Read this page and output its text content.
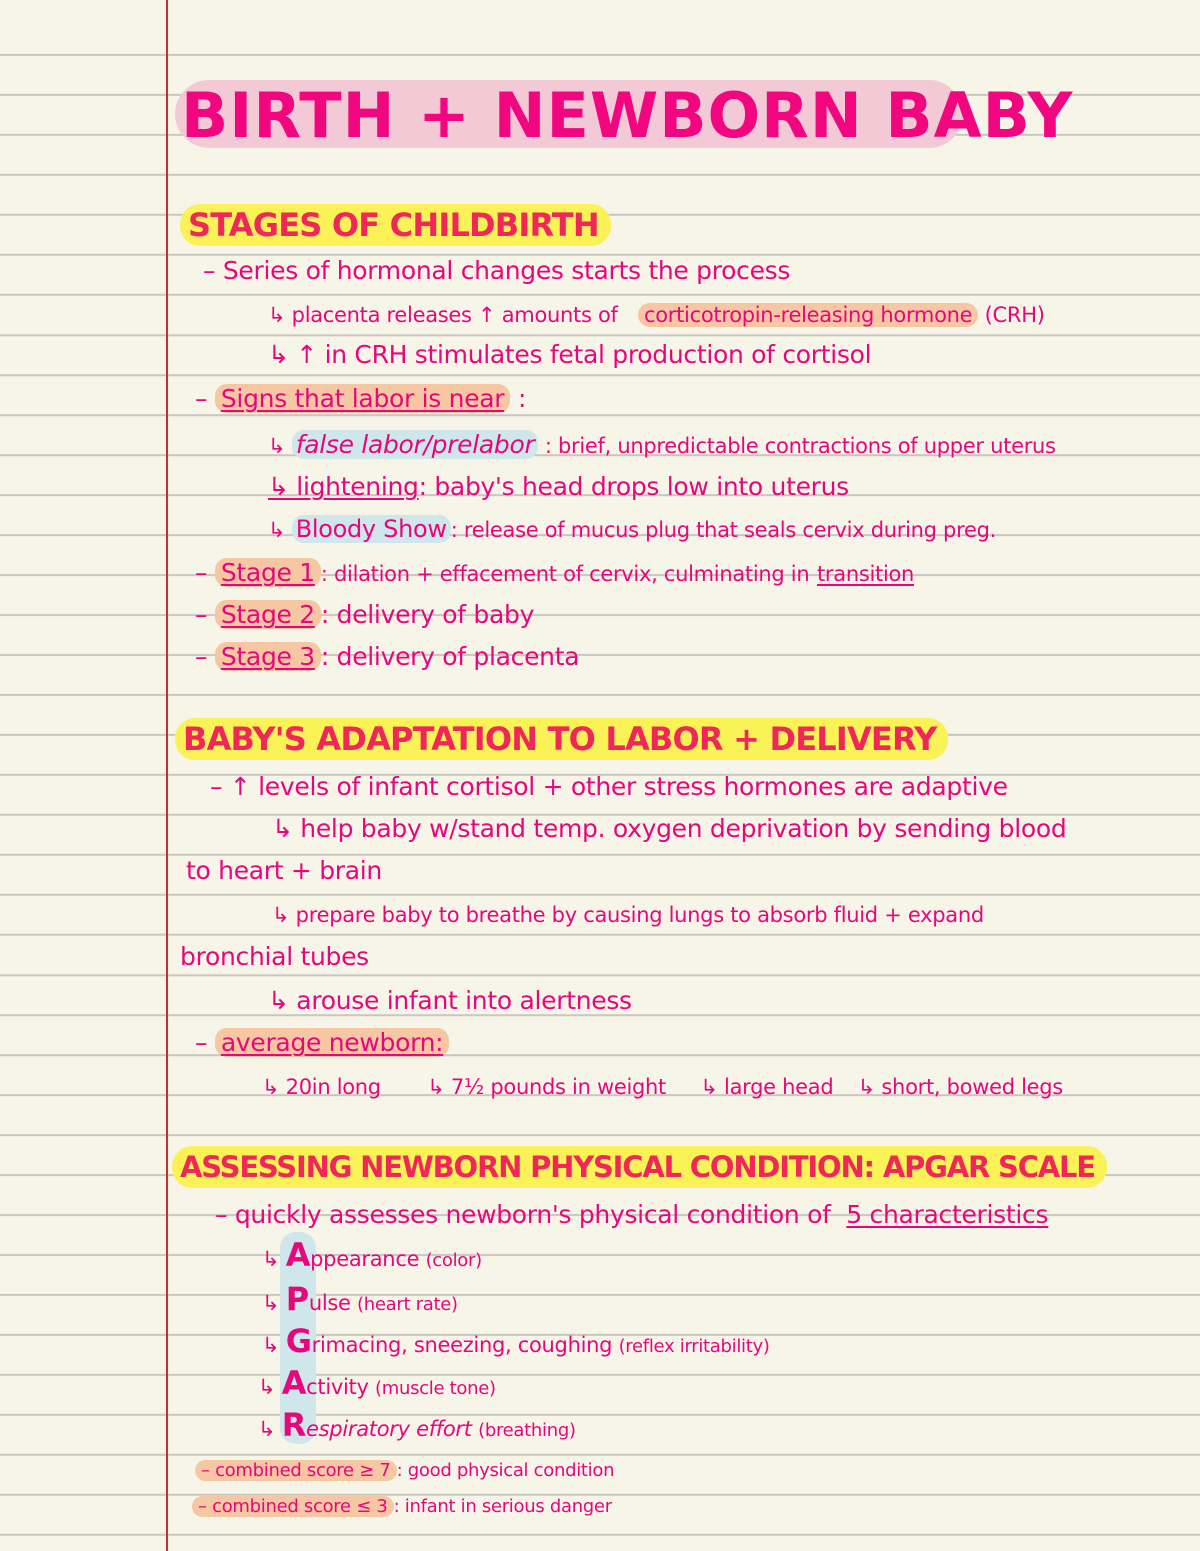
BIRTH + NEWBORN BABY
STAGES OF CHILDBIRTH
– Series of hormonal changes starts the process
↳ placenta releases ↑ amounts of corticotropin-releasing hormone (CRH)
↳ ↑ in CRH stimulates fetal production of cortisol
– Signs that labor is near :
↳ false labor/prelabor : brief, unpredictable contractions of upper uterus
↳ lightening: baby's head drops low into uterus
↳ Bloody Show : release of mucus plug that seals cervix during preg.
– Stage 1 : dilation + effacement of cervix, culminating in transition
– Stage 2 : delivery of baby
– Stage 3 : delivery of placenta
BABY'S ADAPTATION TO LABOR + DELIVERY
– ↑ levels of infant cortisol + other stress hormones are adaptive
↳ help baby w/stand temp. oxygen deprivation by sending blood
to heart + brain
↳ prepare baby to breathe by causing lungs to absorb fluid + expand
bronchial tubes
↳ arouse infant into alertness
– average newborn:
↳ 20in long ↳ 7½ pounds in weight ↳ large head ↳ short, bowed legs
ASSESSING NEWBORN PHYSICAL CONDITION: APGAR SCALE
– quickly assesses newborn's physical condition of 5 characteristics
↳ Appearance (color)
↳ Pulse (heart rate)
↳ Grimacing, sneezing, coughing (reflex irritability)
↳ Activity (muscle tone)
↳ Respiratory effort (breathing)
– combined score ≥ 7 : good physical condition
– combined score ≤ 3 : infant in serious danger
